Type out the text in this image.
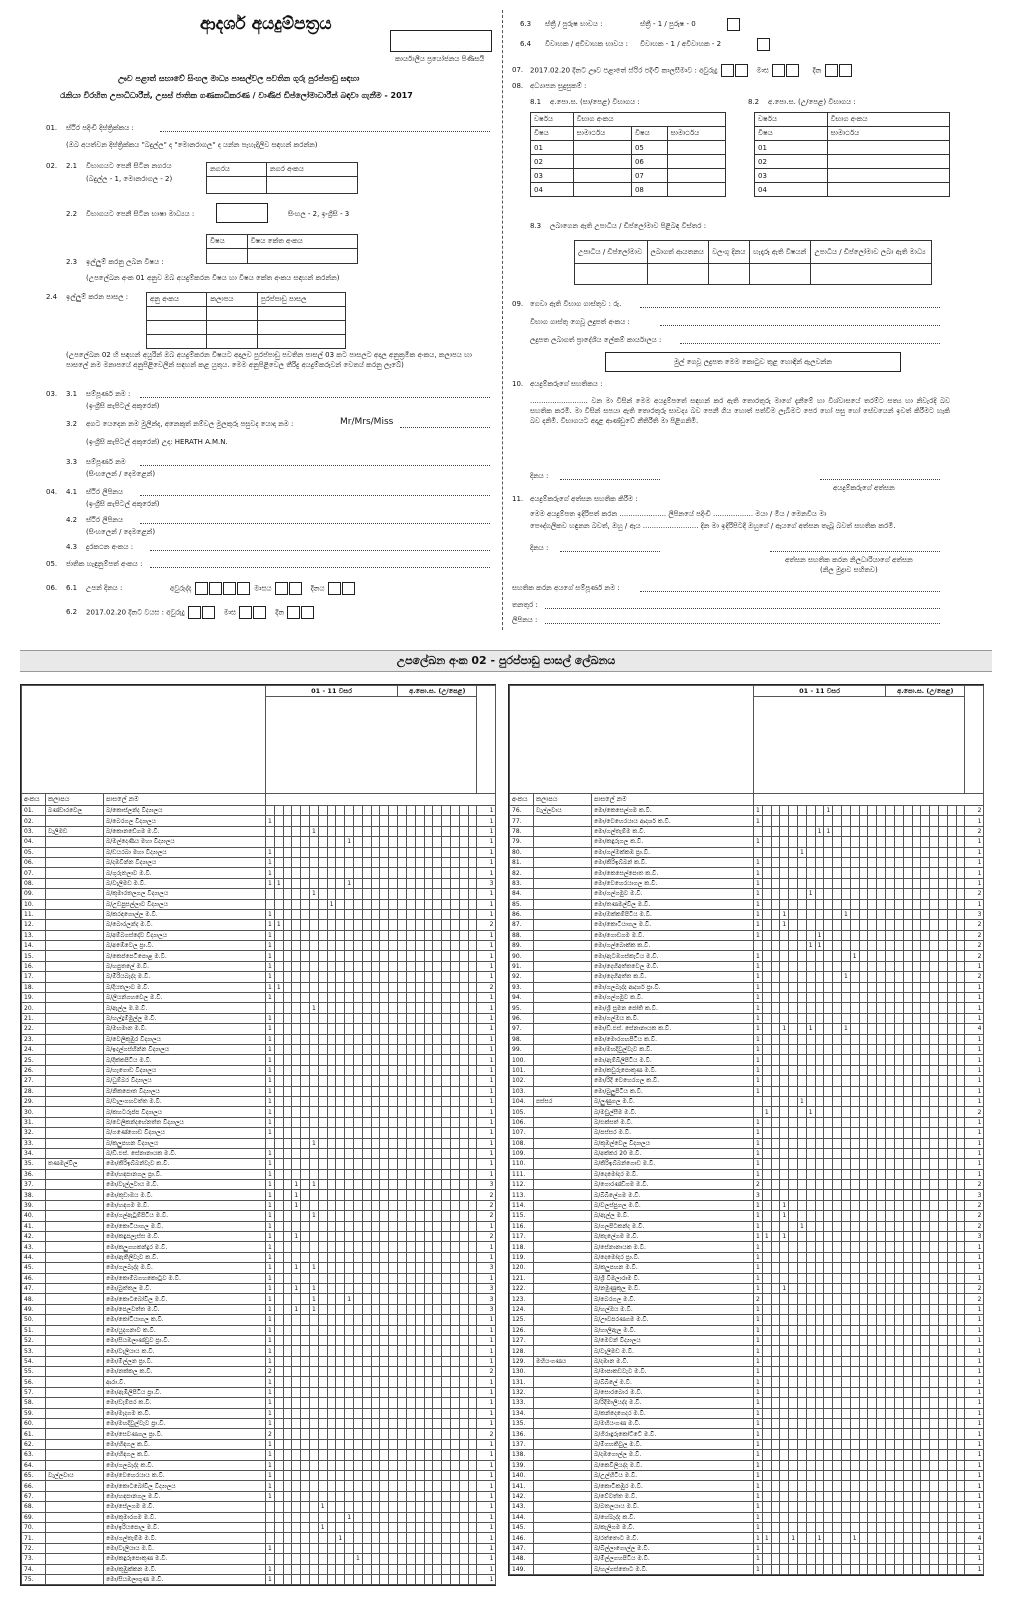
ආදර්ශ අයදුම්පත්‍රය
කාර්යාලීය ප්‍රයෝජනය පිණිසයි
ඌව පළාත් සභාවේ සිංහල මාධ්‍ය පාසල්වල පවතින ගුරු පුරප්පාඩු සඳහා
රැකියා විරහිත උපාධිධාරීන්, උසස් ජාතික ගණකාධිකරණ / වාණිජ ඩිප්ලෝමාධාරීන් බඳවා ගැනීම - 2017
01. ස්ථිර පදිංචි දිස්ත්‍රික්කය :
(ඔබ අයත්වන දිස්ත්‍රික්කය "බදුල්ල" ද "මොනරාගල" ද යන්න පැහැදිලිව සඳහන් කරන්න)
02. 2.1 විභාගයට පෙනී සිටින නගරය
(බදුල්ල - 1, මොනරාගල - 2)
නගරය	නගර අංකය

2.2 විභාගයට පෙනී සිටින භාෂා මාධ්‍යය :	සිංහල - 2, ඉංග්‍රීසි - 3
විෂය	විෂය කේත අංකය

2.3 ඉල්ලුම් කරනු ලබන විෂය :
(උපලේඛන අංක 01 අනුව ඔබ අයදුම්කරන විෂය හා විෂය කේත අංකය සඳහන් කරන්න)
2.4 ඉල්ලුම් කරන පාසල :	අනු අංකය	කලාපය	පුරප්පාඩු පාසල

(උපලේඛන 02 හි සඳහන් අයුරින් ඔබ අයදුම්කරන විෂයට අදාලව පුරප්පාඩු පවතින පාසල් 03 කට පාසලට අදාල අනුක්‍රමික අංකය, කලාපය හා පාසලේ නම මනාපයේ අනුපිළිවෙලින් සඳහන් කළ යුතුය. මෙම අනුපිළිවෙල තීරිදු අයදුම්කරුවන් වෙතය් කරනු ලැබේ)
03. 3.1 සම්පූර්ණ නම :
(ඉංග්‍රීසි කැපිටල් අකුරෙන්)
3.2 අගට යෙදෙන නම මුලින්ද, අනෙකුත් නම්වල මුලකුරු පසුවද යොදා නම :	Mr/Mrs/Miss
(ඉංග්‍රීසි කැපිටල් අකුරෙන්) උදා: HERATH A.M.N.
3.3 සම්පූර්ණ නම
(සිංහලෙන් / දෙමළෙන්)
04. 4.1 ස්ථිර ලිපිනය
(ඉංග්‍රීසි කැපිටල් අකුරෙන්)
4.2 ස්ථිර ලිපිනය
(සිංහලෙන් / දෙමළෙන්)
4.3 දුරකථන අංකය :
05. ජාතික හැඳුනුම්පත් අංකය :
06. 6.1 උපන් දිනය :	අවුරුද්ද	මාසය	දිනය
6.2 2017.02.20 දිනට වයස : අවුරුදු	මාස	දින
6.3 ස්ත්‍රී / පුරුෂ භාවය :	ස්ත්‍රී - 1 / පුරුෂ - 0
6.4 විවාහක / අවිවාහක භාවය : විවාහක - 1 / අවිවාහක - 2
07. 2017.02.20 දිනට ඌව පළාතේ ස්ථිර පදිංචි කාලසීමාව : අවුරුදු	මාස	දින
08. අධ්‍යාපන සුදුසුකම් :
8.1 අ.පො.ස. (සා/පෙළ) විභාගය :	8.2 අ.පො.ස. (උ/පෙළ) විභාගය :
වර්ෂය	විභාග අංකය		
විෂය	සාමාර්ථය	විෂය	සාමාර්ථය
01		05	
02		06	
03		07	
04		08	
වර්ෂය	විභාග අංකය
විෂය	සාමාර්ථය
01	
02	
03	
04	
8.3 ලබාගෙන ඇති උපාධිය / ඩිප්ලෝමාව පිළිබඳ විස්තර :
උපාධිය / ඩිප්ලෝමාව	ලබාගත් ආයතනය	වලංගු දිනය	හැදෑරූ ඇති විෂයන්	උපාධිය / ඩිප්ලෝමාව ලබා ඇති මාධ්‍ය

09. ගෙවා ඇති විභාග ගාස්තුව : රු.
විභාග ගාස්තු ගෙවූ ලදුපත් අංකය :
ලදුපත ලබාගත් ප්‍රාදේශීය ලේකම් කාර්යාලය :
මුල් ගෙවූ ලදුපත මෙම කොටුව තුළ හොඳින් ඇලවන්න
10. අයදුම්කරුගේ සහතිකය :
.......................... වන මා විසින් මෙම අයදුම්පතේ සඳහන් කර ඇති තොරතුරු මාගේ දැනීමේ හා විශ්වාසයේ තරම්ට සත්‍ය හා නිවැරදි බව සහතික කරමි. මා විසින් සපයා ඇති තොරතුරු සාවද්‍ය බව පෙනී ගිය හොත් පත්වීම ලැබීමට පෙර හෝ පසු හෝ සේවයෙන් ඉවත් කිරීමට හැකි බව දනිමි. විභාගයට අදාළ ආණ්ඩුවේ නීතිරීති මා පිළිගනිමි.
දිනය :
අයදුම්කරුගේ අත්සන
11. අයදුම්කරුගේ අත්සන සහතික කිරීම :
මෙම අයදුම්පත ඉදිරිපත් කරන ..................... ලිපිනයේ පදිංචි .................. මයා / මිය / මෙනවිය මා
පෞද්ගලිකව හඳුනන බවත්, ඔහු / ඇය ......................... දින මා ඉදිරිපිටදී ඔහුගේ / ඇයගේ අත්සන තැබූ බවත් සහතික කරමි.
දිනය :
අත්සන සහතික කරන නිලධාරියාගේ අත්සන
(නිල මුද්‍රාව සහිතව)
සහතික කරන අයගේ සම්පූර්ණ නම :
තනතුර :
ලිපිනය :
උපලේඛන අංක 02 - පුරප්පාඩු පාසල් ලේඛනය
			01 - 11 වසර															අ.පො.ස. (උ/පෙළ)									

අංකය	කලාපය	පාසලේ නම																									
01.	බණ්ඩාරවෙල	බ/කොස්ලන්ද විද්‍යාලය																									1
02.		බ/බෙරගල විද්‍යාලය	1																								1
03.	වැලිමඩ	බ/කොනඩේගම ම.වි.						1																			1
04.		බ/මල්දෙණිය මහා විද්‍යාලය										1															1
05.		බ/ඩයරබා මහා විද්‍යාලය	1																								1
06.		බ/දඹවින්න විද්‍යාලය	1																								1
07.		බ/ගුරුතලාව ම.වි.	1																								1
08.		බ/වැලිමඩ ම.වි.	1	1								1															3
09.		බ/කුමාරතලගල විද්‍යාලය						1																			1
10.		බ/උඩපුසල්ලාව විද්‍යාලය								1																	1
11.		බ/කරඳගොල්ල ම.වි.	1																								1
12.		බ/බොරලන්ද ම.වි.	1	1																							2
13.		බ/අම්බගස්දෝව විද්‍යාලය	1																								1
14.		බ/අඹේවෙල ප්‍රා.වි.	1																								1
15.		බ/කෙප්පෙටිපොළ ම.වි.	1																								1
16.		බ/හපුතලේ ම.වි.	1																								1
17.		බ/මීරියබැද්ද ම.වි.	1																								1
18.		බ/දියතලාව ම.වි.	1	1																							2
19.		බ/ලියන්ගහවෙල ම.වි.	1																								1
20.		බ/ඇල්ල ම.ම.වි.						1																			1
21.		බ/හල්දුම්මුල්ල ම.වි.	1																								1
22.		බ/මහමාන ම.වි.	1																								1
23.		බ/වෙලිකුඹුර විද්‍යාලය	1																								1
24.		බ/ඉදල්ගස්හින්න විද්‍යාලය	1																								1
25.		බ/දික්කපිටිය ම.වි.	1																								1
26.		බ/හෑගොඩ විද්‍යාලය	1																								1
27.		බ/ධුම්බර විද්‍යාලය	1																								1
28.		බ/නිකපොත විද්‍යාලය	1																								1
29.		බ/වැලංගහවත්ත ම.වි.	1																								1
30.		බ/කහටරුප්ප විද්‍යාලය	1																								1
31.		බ/වෙලිකන්දහේනත්ත විද්‍යාලය	1																								1
32.		බ/ගණේගොඩ විද්‍යාලය	1																								1
33.		බ/කලුපහන විද්‍යාලය						1																			1
34.		බ/ඩී.එස්. සේනානායක ම.වි.	1																								1
35.	තණමල්විල	මො/කිරිඉබ්බන්වැව ක.වි.	1																								1
36.		මො/හඳපානගල ප්‍රා.වි.	1																								1
37.		මො/වැල්ලවාය ම.වි.	1			1		1																			3
38.		මො/කුඩාඔය ම.වි.	1			1																					2
39.		මො/හඳගම ම.වි.	1			1																					2
40.		මො/ගල්ඇටුම්පිටිය ම.වි.	1					1																			2
41.		මො/කොටියාගල ම.වි.	1																								1
42.		මො/කඳුපලැස්ස ම.වි.	1			1																					2
43.		මො/කලුගහකන්දුර ම.වි.	1																								1
44.		මො/ඇතිලිවැව ක.වි.	1																								1
45.		මො/ගලබැද්ද ම.වි.	1			1		1																			3
46.		මො/කොම්බගහකොටුව ම.වි.	1																								1
47.		මො/බුත්තල ම.වි.	1			1		1																			3
48.		මො/කොටබෝවිල ම.වි.	1					1				1															3
49.		මො/පෙලවත්ත ම.වි.	1			1		1																			3
50.		මො/කෝටියාගල ක.වි.	1																								1
51.		මො/යුදගනාව ක.වි.	1																								1
52.		මො/සියඹලාණ්ඩුව ප්‍රා.වි.	1																								1
53.		මො/වැලියාය ක.වි.	1																								1
54.		මො/මිල්ලන ප්‍රා.වි.	1																								1
55.		මො/නක්කල ක.වි.	2																								2
56.		ආරා.වි.	1																								1
57.		මො/ඇඹිලිපිටිය ප්‍රා.වි.	1																								1
58.		මො/ඩැම්පර ක.වි.	1																								1
59.		මො/මැදගම ක.වි.	1																								1
60.		මො/මහදිවුල්වැව ප්‍රා.වි.	1																								1
61.		මො/සෙවණගල ප්‍රා.වි.	2																								2
62.		මො/හිඳගල ක.වි.	1																								1
63.		මො/හිඳගල ක.වි.	1																								1
64.		මො/ගලබැද්ද ක.වි.	1																								1
65.	වැල්ලවාය	මො/වෙහෙරයාය ක.වි.	1																								1
66.		මො/කොටබෝවිල විද්‍යාලය	1																								1
67.		මො/හඳපානගල ම.වි.	1																								1
68.		මො/සේලගම ම.වි.							1																		1
69.		මො/කුමාරගම ම.වි.										1															1
70.		මො/ඉරියපොල ම.වි.							1																		1
71.		මො/ගල්තැම්ම ම.වි.									1																1
72.		මො/වැලියාය ම.වි.	1																								1
73.		මො/කඳුරුපොකුණ ම.වි.											1														1
74.		මො/කුඹුක්කන ම.වි.	1																								1
75.		මො/සියඹලාගුණ ම.වි.	1																								1
			01 - 11 වසර															අ.පො.ස. (උ/පෙළ)									

අංකය	කලාපය	පාසලේ නම																									
76.	වැල්ලවාය	මො/කෙසෙල්ගම ක.වි.	1								1																2
77.		මො/වෙහෙරයාය ආදර්ශ ක.වි.	1																								1
78.		මො/ගල්තැම්ම ක.වි.								1	1																2
79.		මො/කඳුරුගල ක.වි.	1																								1
80.		මො/ගල්ඔක්කඹ ප්‍රා.වි.						1																			1
81.		මො/කිරිඉබ්බන් ක.වි.	1																								1
82.		මො/කෙසෙල්පොත ක.වි.	1																								1
83.		මො/වෙහෙරයාගල ක.වි.	1																								1
84.		මො/ගල්ගමුව ම.වි.	1						1																		2
85.		මො/තණමල්විල ම.වි.	1																								1
86.		මො/ඔක්කම්පිටිය ම.වි.	1			1							1														3
87.		මො/කොටියාගල ම.වි.	1			1																					2
88.		මො/ගොඩගම ම.වි.	1							1																	2
89.		මො/ගල්බොක්ක ක.වි.							1	1																	2
90.		මො/ඇටඹගස්කැටිය ම.වි.	1											1													2
91.		මො/දෙහිඅත්තවෙල ම.වි.	1																								1
92.		මො/දෙහිඅත්ත ක.වි.	1										1														2
93.		මො/ගලබැද්ද ආදර්ශ ප්‍රා.වි.	1																								1
94.		මො/ගල්ගමුව ක.වි.	1																								1
95.		මො/ශ්‍රී සුමන ජෝති ක.වි.	1																								1
96.		මො/ගල්ඔය ක.වි.	1																								1
97.		මො/ඩී.එස්. සේනානායක ක.වි.	1			1			1				1														4
98.		මො/මොරගහපිටිය ක.වි.	1																								1
99.		මො/මහදිවුල්වැව ක.වි.	1																								1
100.		මො/ඇම්බිලිපිටිය ම.වි.	1																								1
101.		මො/කඩුරුපොකුණ ම.වි.	1																								1
102.		මො/රිදී වෙහෙරගල ක.වි.	1																								1
103.		මො/බුලුපිටිය ක.වි.	1																								1
104.	පස්සර	බ/ලුණුගල ම.වි.						1																			1
105.		බ/මඩුල්සීම ම.වි.		1					1																		2
106.		බ/එක්සත් ම.වි.	1																								1
107.		බ/පස්සර ම.වි.	1																								1
108.		බ/කුඹල්වෙල විද්‍යාලය	1																								1
109.		බ/අක්කර 20 ම.වි.	1																								1
110.		බ/කිරිඉබ්බන්ගොඩ ම.වි.	1																								1
111.		බ/දෙමෝදර ම.වි.	1																								1
112.		බ/ගොරණ්ඩිගම ම.වි.	2																								2
113.		බ/බිබිලේගම ම.වි.	3																								3
114.		බ/වලස්පුගල ම.වි.	1			1																					2
115.		බ/ඇල්ල ම.වි.	1			1																					2
116.		බ/ගලපිටකන්ද ම.වි.	1					1																			2
117.		බ/කැලේගම ම.වි.	1	1		1																					3
118.		බ/සේනානායක ම.වි.	1																								1
119.		බ/දෙමෝදර ප්‍රා.වි.	1																								1
120.		බ/කලුපහන ම.වි.	1																								1
121.		බ/ශ්‍රී විමලාරාම වි.	1																								1
122.		බ/නමුණුකුල ම.වි.	1			1																					2
123.		බ/බෙරගල ම.වි.	2																								2
124.		බ/හල්ඔය ම.වි.	1																								1
125.		බ/ඌවපරණගම ම.වි.	1																								1
126.		බ/හාලිඇල ම.වි.	1																								1
127.		බ/මෙවන් විද්‍යාලය	1																								1
128.		බ/වැලිමඩ ම.වි.	1																								1
129.	මහියංගණය	බ/දඹාන ම.වි.	1																								1
130.		බ/මාපාකඩවැව ම.වි.	1																								1
131.		බ/බිබිලේ ම.වි.	1																								1
132.		බ/සොරබොර ම.වි.	1																								1
133.		බ/රිදීමාලියද්ද ම.වි.	1																								1
134.		බ/කන්දෙගෙදර ම.වි.	1																								1
135.		බ/මහියංගණ ම.වි.	1																								1
136.		බ/ගිරාඳුරුකෝට්ටේ ම.වි.	1																								1
137.		බ/මීගහකිවුල ම.වි.	1																								1
138.		බ/දඹගොල්ල ම.වි.	1																								1
139.		බ/කෙවිලියද්ද ම.වි.	1																								1
140.		බ/උල්හිටිය ම.වි.	1																								1
141.		බ/කොටිකඹුර ම.වි.	1																								1
142.		බ/වේවත්ත ම.වි.	1																								1
143.		බ/බතලයාය ම.වි.	1																								1
144.		බ/හේබැද්ද ක.වි.	1																								1
145.		බ/කැලිගම ම.වි.	1																								1
146.		බ/රත්තොට ම.වි.	1	1			1			1				1													4
147.		බ/බිල්ලාගොල්ල ම.වි.	1																								1
148.		බ/මිල්ලගහපිටිය ම.වි.	1																								1
149.		බ/හල්ගස්තොට ම.වි.	1																								1
